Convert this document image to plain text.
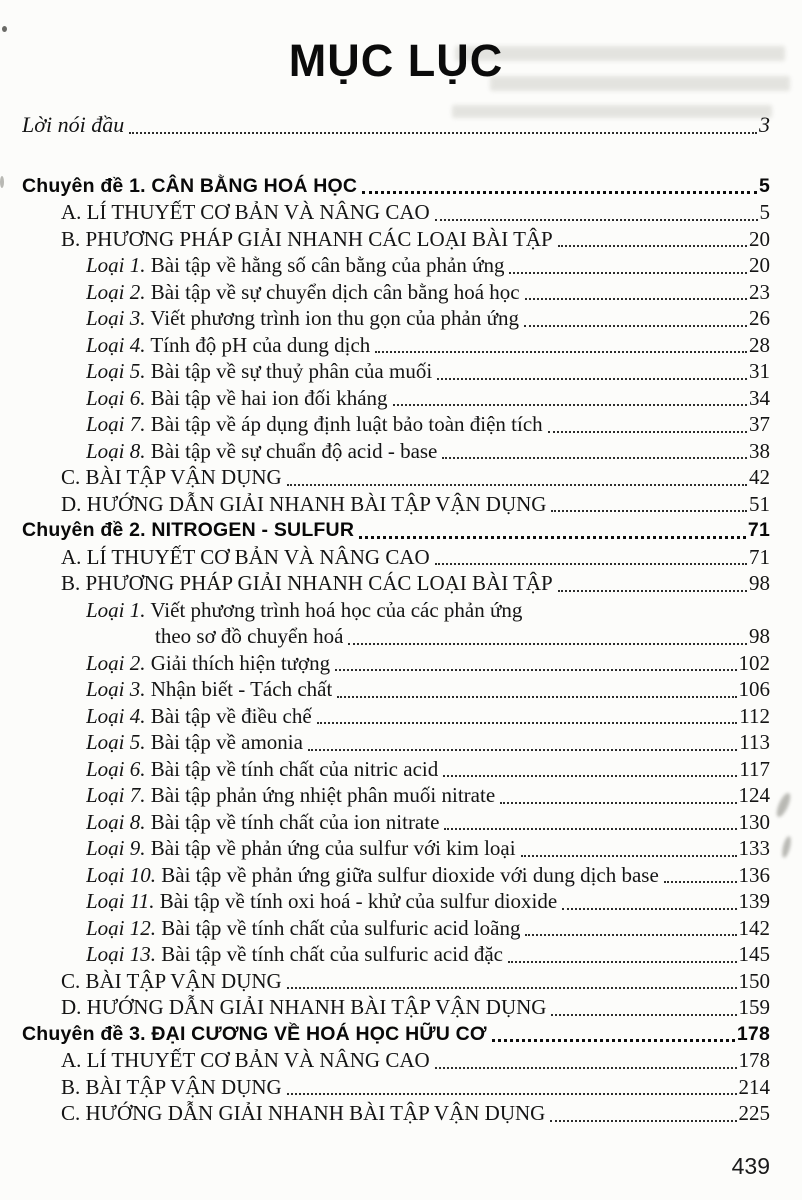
MỤC LỤC
Lời nói đầu	3
Chuyên đề 1. CÂN BẰNG HOÁ HỌC	5
A. LÍ THUYẾT CƠ BẢN VÀ NÂNG CAO	5
B. PHƯƠNG PHÁP GIẢI NHANH CÁC LOẠI BÀI TẬP	20
Loại 1. Bài tập về hằng số cân bằng của phản ứng	20
Loại 2. Bài tập về sự chuyển dịch cân bằng hoá học	23
Loại 3. Viết phương trình ion thu gọn của phản ứng	26
Loại 4. Tính độ pH của dung dịch	28
Loại 5. Bài tập về sự thuỷ phân của muối	31
Loại 6. Bài tập về hai ion đối kháng	34
Loại 7. Bài tập về áp dụng định luật bảo toàn điện tích	37
Loại 8. Bài tập về sự chuẩn độ acid - base	38
C. BÀI TẬP VẬN DỤNG	42
D. HƯỚNG DẪN GIẢI NHANH BÀI TẬP VẬN DỤNG	51
Chuyên đề 2. NITROGEN - SULFUR	71
A. LÍ THUYẾT CƠ BẢN VÀ NÂNG CAO	71
B. PHƯƠNG PHÁP GIẢI NHANH CÁC LOẠI BÀI TẬP	98
Loại 1. Viết phương trình hoá học của các phản ứng
theo sơ đồ chuyển hoá	98
Loại 2. Giải thích hiện tượng	102
Loại 3. Nhận biết - Tách chất	106
Loại 4. Bài tập về điều chế	112
Loại 5. Bài tập về amonia	113
Loại 6. Bài tập về tính chất của nitric acid	117
Loại 7. Bài tập phản ứng nhiệt phân muối nitrate	124
Loại 8. Bài tập về tính chất của ion nitrate	130
Loại 9. Bài tập về phản ứng của sulfur với kim loại	133
Loại 10. Bài tập về phản ứng giữa sulfur dioxide với dung dịch base	136
Loại 11. Bài tập về tính oxi hoá - khử của sulfur dioxide	139
Loại 12. Bài tập về tính chất của sulfuric acid loãng	142
Loại 13. Bài tập về tính chất của sulfuric acid đặc	145
C. BÀI TẬP VẬN DỤNG	150
D. HƯỚNG DẪN GIẢI NHANH BÀI TẬP VẬN DỤNG	159
Chuyên đề 3. ĐẠI CƯƠNG VỀ HOÁ HỌC HỮU CƠ	178
A. LÍ THUYẾT CƠ BẢN VÀ NÂNG CAO	178
B. BÀI TẬP VẬN DỤNG	214
C. HƯỚNG DẪN GIẢI NHANH BÀI TẬP VẬN DỤNG	225
439
